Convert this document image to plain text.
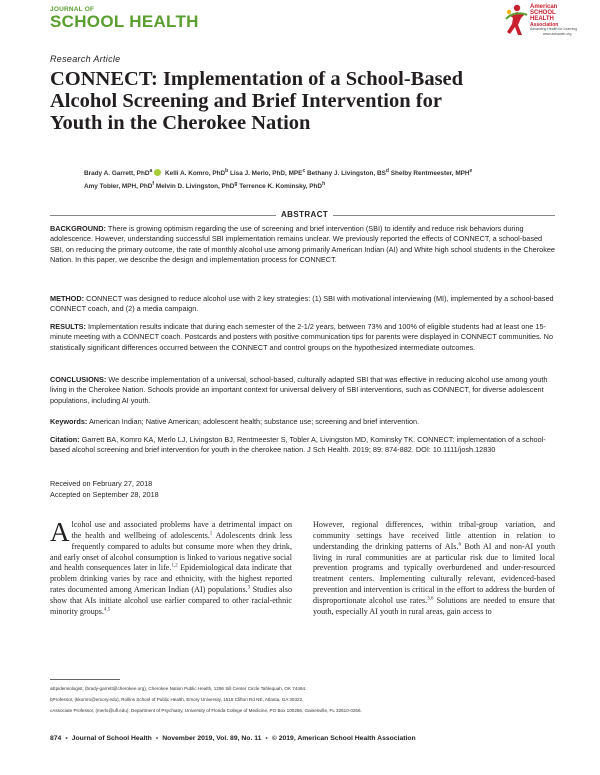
JOURNAL OF
SCHOOL HEALTH
American
SCHOOL
HEALTH
Association
Advancing Health for Learning
www.ashaweb.org
Research Article
CONNECT: Implementation of a School-Based Alcohol Screening and Brief Intervention for Youth in the Cherokee Nation
Brady A. Garrett, PhD$^a$ Kelli A. Komro, PhD$^b$ Lisa J. Merlo, PhD, MPE$^c$ Bethany J. Livingston, $BS^d$ Shelby Rentmeester, MPH$^e$
Amy Tobler, MPH, PhD$^f$ Melvin D. Livingston, PhD$^g$ Terrence K. Kominsky, PhD$^h$
ABSTRACT
BACKGROUND: There is growing optimism regarding the use of screening and brief intervention (SBI) to identify and reduce risk behaviors during adolescence. However, understanding successful SBI implementation remains unclear. We previously reported the effects of CONNECT, a school-based SBI, on reducing the primary outcome, the rate of monthly alcohol use among primarily American Indian (AI) and White high school students in the Cherokee Nation. In this paper, we describe the design and implementation process for CONNECT.
METHOD: CONNECT was designed to reduce alcohol use with 2 key strategies: (1) SBI with motivational interviewing (MI), implemented by a school-based CONNECT coach, and (2) a media campaign.
RESULTS: Implementation results indicate that during each semester of the 2-1/2 years, between 73% and 100% of eligible students had at least one 15-minute meeting with a CONNECT coach. Postcards and posters with positive communication tips for parents were displayed in CONNECT communities. No statistically significant differences occurred between the CONNECT and control groups on the hypothesized intermediate outcomes.
CONCLUSIONS: We describe implementation of a universal, school-based, culturally adapted SBI that was effective in reducing alcohol use among youth living in the Cherokee Nation. Schools provide an important context for universal delivery of SBI interventions, such as CONNECT, for diverse adolescent populations, including AI youth.
Keywords: American Indian; Native American; adolescent health; substance use; screening and brief intervention.
Citation: Garrett BA, Komro KA, Merlo LJ, Livingston BJ, Rentmeester S, Tobler A, Livingston MD, Kominsky TK. CONNECT: implementation of a school-based alcohol screening and brief intervention for youth in the cherokee nation. J Sch Health. 2019; 89: 874-882. DOI: 10.1111/josh.12830
Received on February 27, 2018
Accepted on September 28, 2018
Alcohol use and associated problems have a detrimental impact on the health and wellbeing of adolescents.$^1$ Adolescents drink less frequently compared to adults but consume more when they drink, and early onset of alcohol consumption is linked to various negative social and health consequences later in life.$^{1,2}$ Epidemiological data indicate that problem drinking varies by race and ethnicity, with the highest reported rates documented among American Indian (AI) populations.$^3$ Studies also show that AIs initiate alcohol use earlier compared to other racial-ethnic minority groups.$^{4,5}$
However, regional differences, within tribal-group variation, and community settings have received little attention in relation to understanding the drinking patterns of AIs.$^6$ Both AI and non-AI youth living in rural communities are at particular risk due to limited local prevention programs and typically overburdened and under-resourced treatment centers. Implementing culturally relevant, evidenced-based prevention and intervention is critical in the effort to address the burden of disproportionate alcohol use rates.$^{3,6}$ Solutions are needed to ensure that youth, especially AI youth in rural areas, gain access to
aEpidemiologist, (brady-garrett@cherokee.org), Cherokee Nation Public Health, 1296 Sill Center Circle Tahlequah, OK 74464.
bProfessor, (kkomro@emory.edu), Rollins School of Public Health, Emory University, 1518 Clifton Rd NE, Atlanta, GA 30322.
cAssociate Professor, (merlo@ufl.edu), Department of Psychiatry, University of Florida College of Medicine, PO Box 100256, Gainesville, FL 32610-0256.
874 • Journal of School Health • November 2019, Vol. 89, No. 11 • © 2019, American School Health Association
